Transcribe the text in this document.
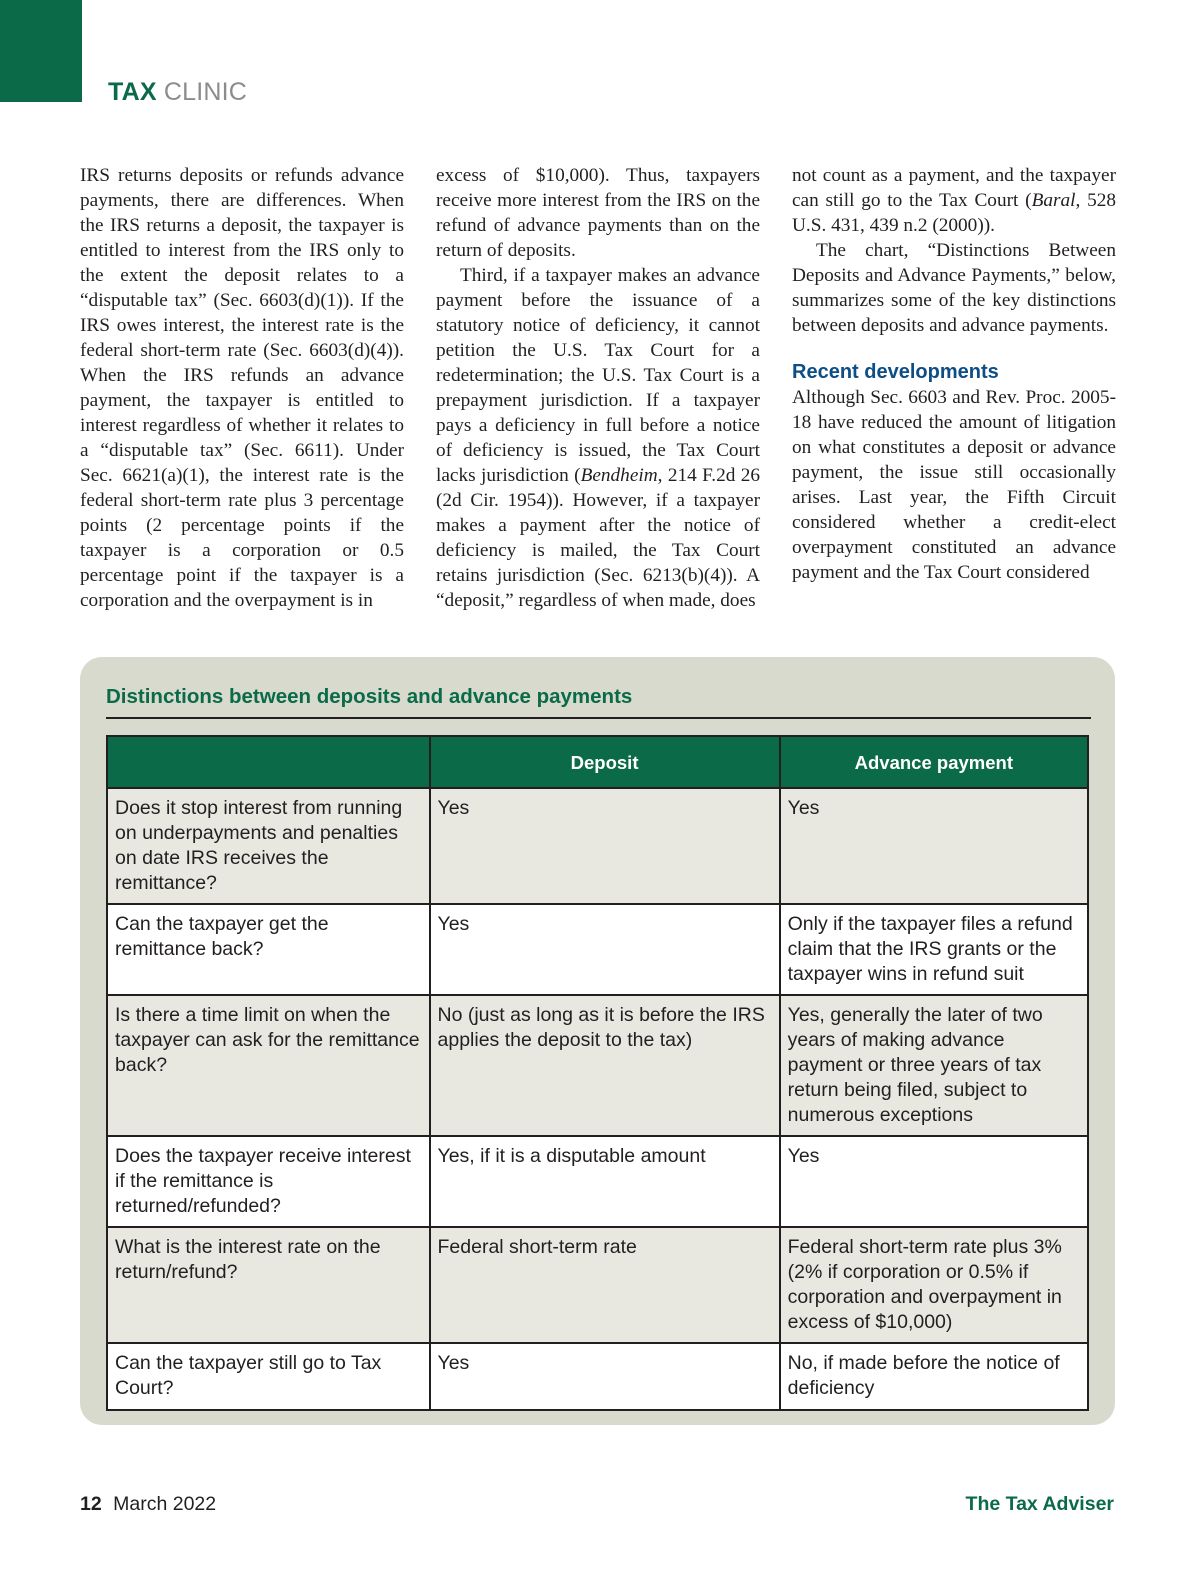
TAX CLINIC

IRS returns deposits or refunds advance payments, there are differences. When the IRS returns a deposit, the taxpayer is entitled to interest from the IRS only to the extent the deposit relates to a “disputable tax” (Sec. 6603(d)(1)). If the IRS owes interest, the interest rate is the federal short-term rate (Sec. 6603(d)(4)). When the IRS refunds an advance payment, the taxpayer is entitled to interest regardless of whether it relates to a “disputable tax” (Sec. 6611). Under Sec. 6621(a)(1), the interest rate is the federal short-term rate plus 3 percentage points (2 percentage points if the taxpayer is a corporation or 0.5 percentage point if the taxpayer is a corporation and the overpayment is in

excess of $10,000). Thus, taxpayers receive more interest from the IRS on the refund of advance payments than on the return of deposits.

Third, if a taxpayer makes an advance payment before the issuance of a statutory notice of deficiency, it cannot petition the U.S. Tax Court for a redetermination; the U.S. Tax Court is a prepayment jurisdiction. If a taxpayer pays a deficiency in full before a notice of deficiency is issued, the Tax Court lacks jurisdiction (Bendheim, 214 F.2d 26 (2d Cir. 1954)). However, if a taxpayer makes a payment after the notice of deficiency is mailed, the Tax Court retains jurisdiction (Sec. 6213(b)(4)). A “deposit,” regardless of when made, does

not count as a payment, and the taxpayer can still go to the Tax Court (Baral, 528 U.S. 431, 439 n.2 (2000)).

The chart, “Distinctions Between Deposits and Advance Payments,” below, summarizes some of the key distinctions between deposits and advance payments.

Recent developments

Although Sec. 6603 and Rev. Proc. 2005-18 have reduced the amount of litigation on what constitutes a deposit or advance payment, the issue still occasionally arises. Last year, the Fifth Circuit considered whether a credit-elect overpayment constituted an advance payment and the Tax Court considered

Distinctions between deposits and advance payments
	Deposit	Advance payment
Does it stop interest from running on underpayments and penalties on date IRS receives the remittance?	Yes	Yes
Can the taxpayer get the remittance back?	Yes	Only if the taxpayer files a refund claim that the IRS grants or the taxpayer wins in refund suit
Is there a time limit on when the taxpayer can ask for the remittance back?	No (just as long as it is before the IRS applies the deposit to the tax)	Yes, generally the later of two years of making advance payment or three years of tax return being filed, subject to numerous exceptions
Does the taxpayer receive interest if the remittance is returned/refunded?	Yes, if it is a disputable amount	Yes
What is the interest rate on the return/refund?	Federal short-term rate	Federal short-term rate plus 3% (2% if corporation or 0.5% if corporation and overpayment in excess of $10,000)
Can the taxpayer still go to Tax Court?	Yes	No, if made before the notice of deficiency
12 March 2022	The Tax Adviser
